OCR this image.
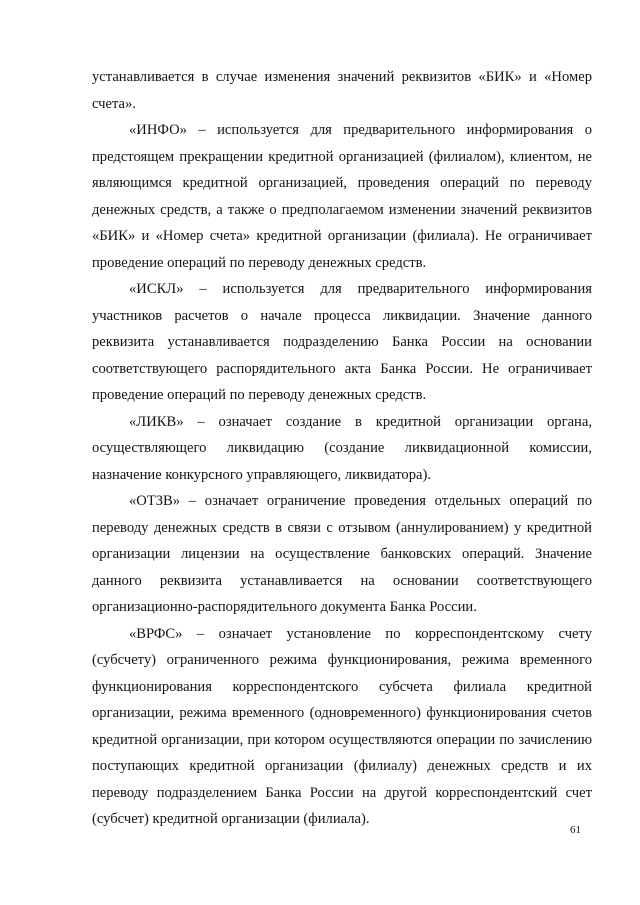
устанавливается в случае изменения значений реквизитов «БИК» и «Номер счета».

«ИНФО» – используется для предварительного информирования о предстоящем прекращении кредитной организацией (филиалом), клиентом, не являющимся кредитной организацией, проведения операций по переводу денежных средств, а также о предполагаемом изменении значений реквизитов «БИК» и «Номер счета» кредитной организации (филиала). Не ограничивает проведение операций по переводу денежных средств.

«ИСКЛ» – используется для предварительного информирования участников расчетов о начале процесса ликвидации. Значение данного реквизита устанавливается подразделению Банка России на основании соответствующего распорядительного акта Банка России. Не ограничивает проведение операций по переводу денежных средств.

«ЛИКВ» – означает создание в кредитной организации органа, осуществляющего ликвидацию (создание ликвидационной комиссии, назначение конкурсного управляющего, ликвидатора).

«ОТЗВ» – означает ограничение проведения отдельных операций по переводу денежных средств в связи с отзывом (аннулированием) у кредитной организации лицензии на осуществление банковских операций. Значение данного реквизита устанавливается на основании соответствующего организационно-распорядительного документа Банка России.

«ВРФС» – означает установление по корреспондентскому счету (субсчету) ограниченного режима функционирования, режима временного функционирования корреспондентского субсчета филиала кредитной организации, режима временного (одновременного) функционирования счетов кредитной организации, при котором осуществляются операции по зачислению поступающих кредитной организации (филиалу) денежных средств и их переводу подразделением Банка России на другой корреспондентский счет (субсчет) кредитной организации (филиала).

61
